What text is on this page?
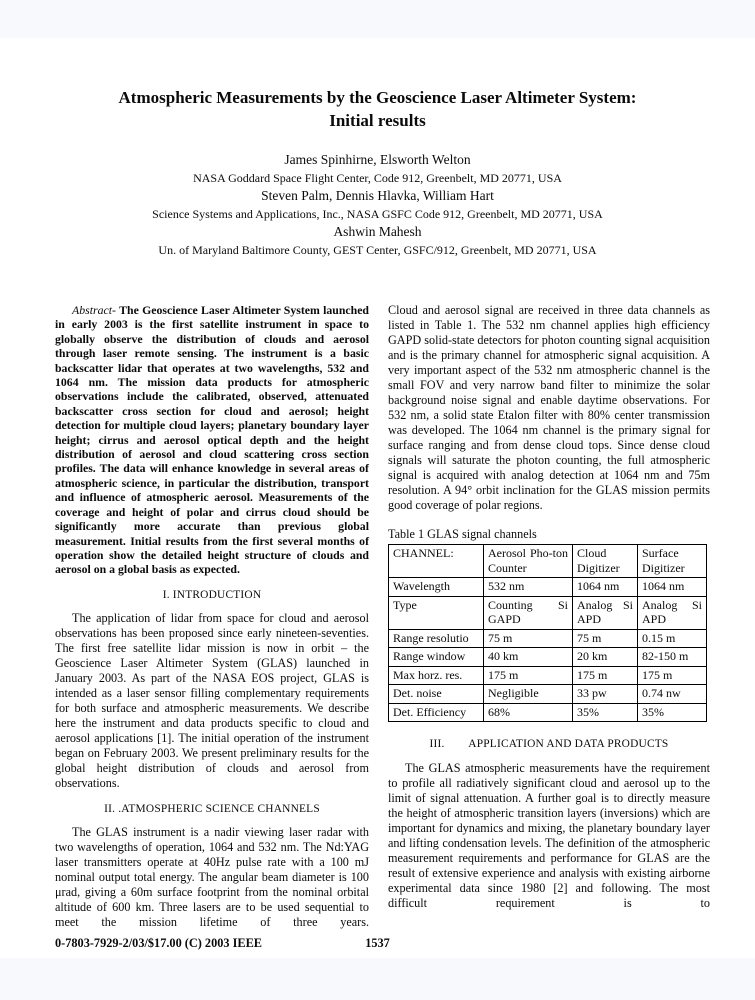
Atmospheric Measurements by the Geoscience Laser Altimeter System:
Initial results
James Spinhirne, Elsworth Welton
NASA Goddard Space Flight Center, Code 912, Greenbelt, MD 20771, USA
Steven Palm, Dennis Hlavka, William Hart
Science Systems and Applications, Inc., NASA GSFC Code 912, Greenbelt, MD 20771, USA
Ashwin Mahesh
Un. of Maryland Baltimore County, GEST Center, GSFC/912, Greenbelt, MD 20771, USA
Abstract- The Geoscience Laser Altimeter System launched in early 2003 is the first satellite instrument in space to globally observe the distribution of clouds and aerosol through laser remote sensing. The instrument is a basic backscatter lidar that operates at two wavelengths, 532 and 1064 nm. The mission data products for atmospheric observations include the calibrated, observed, attenuated backscatter cross section for cloud and aerosol; height detection for multiple cloud layers; planetary boundary layer height; cirrus and aerosol optical depth and the height distribution of aerosol and cloud scattering cross section profiles. The data will enhance knowledge in several areas of atmospheric science, in particular the distribution, transport and influence of atmospheric aerosol. Measurements of the coverage and height of polar and cirrus cloud should be significantly more accurate than previous global measurement. Initial results from the first several months of operation show the detailed height structure of clouds and aerosol on a global basis as expected.
I. INTRODUCTION
The application of lidar from space for cloud and aerosol observations has been proposed since early nineteen-seventies. The first free satellite lidar mission is now in orbit – the Geoscience Laser Altimeter System (GLAS) launched in January 2003. As part of the NASA EOS project, GLAS is intended as a laser sensor filling complementary requirements for both surface and atmospheric measurements. We describe here the instrument and data products specific to cloud and aerosol applications [1]. The initial operation of the instrument began on February 2003. We present preliminary results for the global height distribution of clouds and aerosol from observations.
II. .ATMOSPHERIC SCIENCE CHANNELS
The GLAS instrument is a nadir viewing laser radar with two wavelengths of operation, 1064 and 532 nm. The Nd:YAG laser transmitters operate at 40Hz pulse rate with a 100 mJ nominal output total energy. The angular beam diameter is 100 μrad, giving a 60m surface footprint from the nominal orbital altitude of 600 km. Three lasers are to be used sequential to meet the mission lifetime of three years.
Cloud and aerosol signal are received in three data channels as listed in Table 1. The 532 nm channel applies high efficiency GAPD solid-state detectors for photon counting signal acquisition and is the primary channel for atmospheric signal acquisition. A very important aspect of the 532 nm atmospheric channel is the small FOV and very narrow band filter to minimize the solar background noise signal and enable daytime observations. For 532 nm, a solid state Etalon filter with 80% center transmission was developed. The 1064 nm channel is the primary signal for surface ranging and from dense cloud tops. Since dense cloud signals will saturate the photon counting, the full atmospheric signal is acquired with analog detection at 1064 nm and 75m resolution. A 94° orbit inclination for the GLAS mission permits good coverage of polar regions.
Table 1 GLAS signal channels
CHANNEL:	Aerosol Pho-ton Counter	Cloud Digitizer	Surface Digitizer
Wavelength	532 nm	1064 nm	1064 nm
Type	Counting Si GAPD	Analog Si APD	Analog Si APD
Range resolutio	75 m	75 m	0.15 m
Range window	40 km	20 km	82-150 m
Max horz. res.	175 m	175 m	175 m
Det. noise	Negligible	33 pw	0.74 nw
Det. Efficiency	68%	35%	35%
III.        APPLICATION AND DATA PRODUCTS
The GLAS atmospheric measurements have the requirement to profile all radiatively significant cloud and aerosol up to the limit of signal attenuation. A further goal is to directly measure the height of atmospheric transition layers (inversions) which are important for dynamics and mixing, the planetary boundary layer and lifting condensation levels. The definition of the atmospheric measurement requirements and performance for GLAS are the result of extensive experience and analysis with existing airborne experimental data since 1980 [2] and following. The most difficult requirement is to
1537
0-7803-7929-2/03/$17.00 (C) 2003 IEEE
